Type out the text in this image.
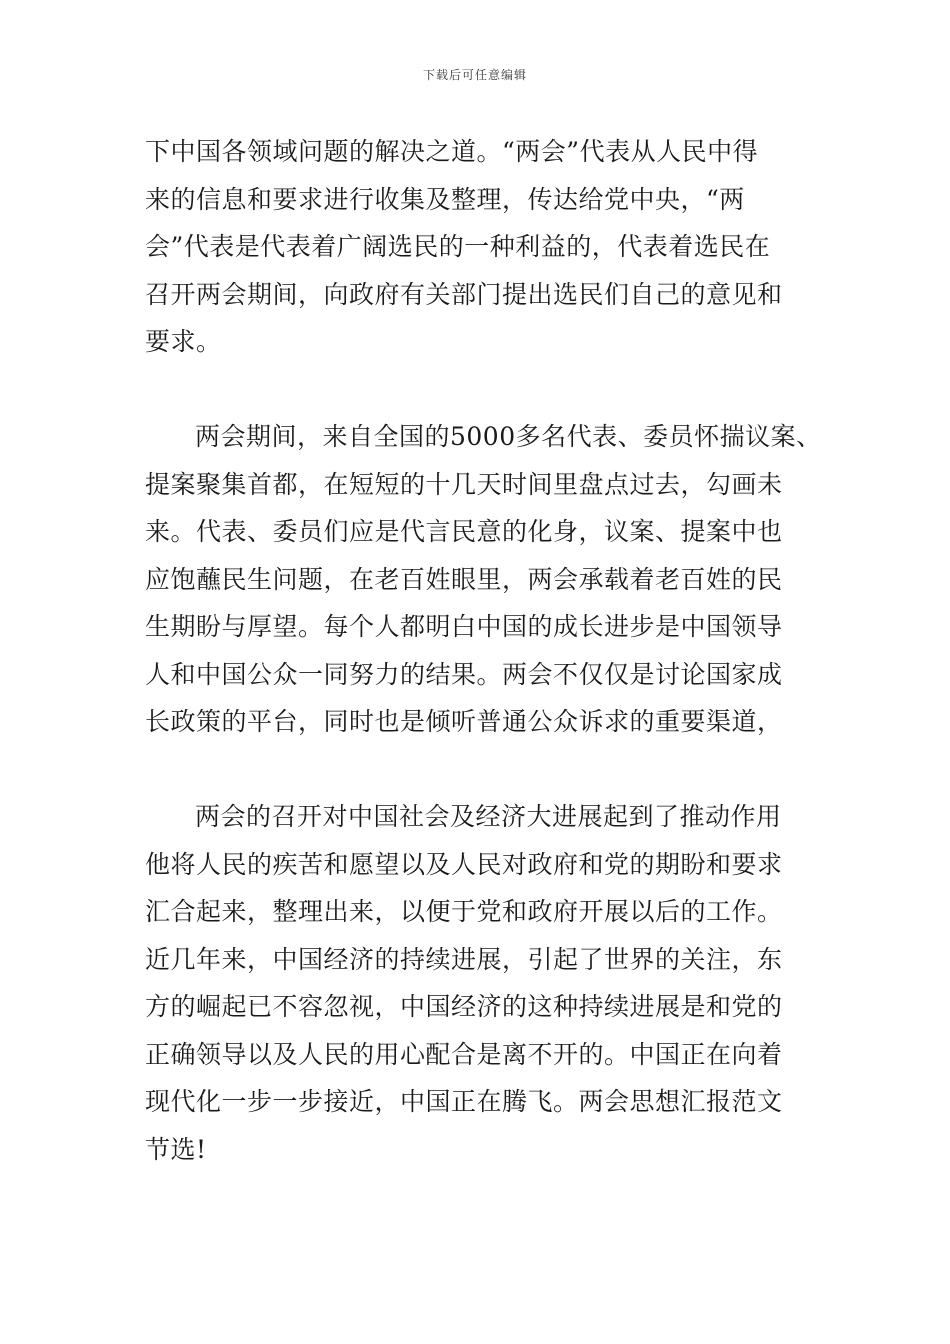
下载后可任意编辑
下中国各领域问题的解决之道。“两会”代表从人民中得
来的信息和要求进行收集及整理，传达给党中央，“两
会”代表是代表着广阔选民的一种利益的，代表着选民在
召开两会期间，向政府有关部门提出选民们自己的意见和
要求。
两会期间，来自全国的5000多名代表、委员怀揣议案、
提案聚集首都，在短短的十几天时间里盘点过去，勾画未
来。代表、委员们应是代言民意的化身，议案、提案中也
应饱蘸民生问题，在老百姓眼里，两会承载着老百姓的民
生期盼与厚望。每个人都明白中国的成长进步是中国领导
人和中国公众一同努力的结果。两会不仅仅是讨论国家成
长政策的平台，同时也是倾听普通公众诉求的重要渠道，
两会的召开对中国社会及经济大进展起到了推动作用
他将人民的疾苦和愿望以及人民对政府和党的期盼和要求
汇合起来，整理出来，以便于党和政府开展以后的工作。
近几年来，中国经济的持续进展，引起了世界的关注，东
方的崛起已不容忽视，中国经济的这种持续进展是和党的
正确领导以及人民的用心配合是离不开的。中国正在向着
现代化一步一步接近，中国正在腾飞。两会思想汇报范文
节选!
